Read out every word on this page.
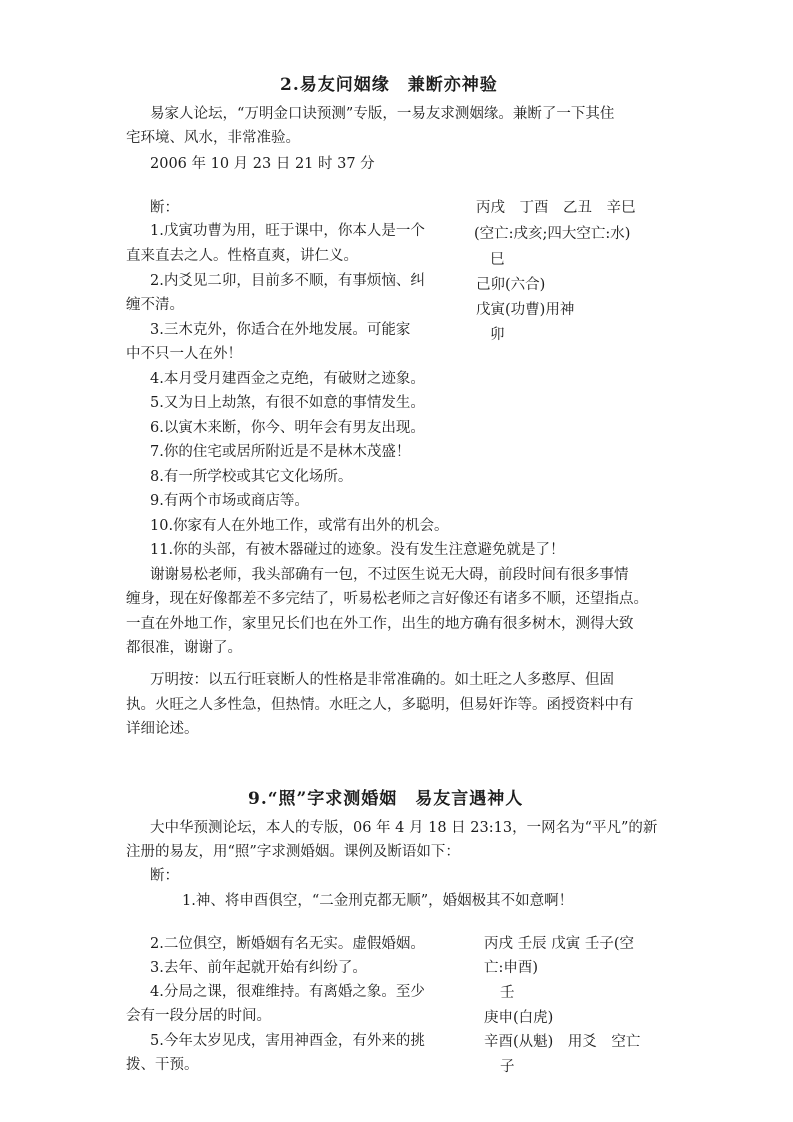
2.易友问姻缘　兼断亦神验
易家人论坛，“万明金口诀预测”专版，一易友求测姻缘。兼断了一下其住
宅环境、风水，非常准验。
2006 年 10 月 23 日 21 时 37 分
断：	丙戌　丁酉　乙丑　辛巳
(空亡:戌亥;四大空亡:水)
巳
己卯(六合)
戊寅(功曹)用神
卯
1.戊寅功曹为用，旺于课中，你本人是一个
直来直去之人。性格直爽，讲仁义。
2.内爻见二卯，目前多不顺，有事烦恼、纠
缠不清。
3.三木克外，你适合在外地发展。可能家
中不只一人在外！
4.本月受月建酉金之克绝，有破财之迹象。
5.又为日上劫煞，有很不如意的事情发生。
6.以寅木来断，你今、明年会有男友出现。
7.你的住宅或居所附近是不是林木茂盛！
8.有一所学校或其它文化场所。
9.有两个市场或商店等。
10.你家有人在外地工作，或常有出外的机会。
11.你的头部，有被木器碰过的迹象。没有发生注意避免就是了！
谢谢易松老师，我头部确有一包，不过医生说无大碍，前段时间有很多事情
缠身，现在好像都差不多完结了，听易松老师之言好像还有诸多不顺，还望指点。
一直在外地工作，家里兄长们也在外工作，出生的地方确有很多树木，测得大致
都很准，谢谢了。
万明按：以五行旺衰断人的性格是非常准确的。如土旺之人多憨厚、但固
执。火旺之人多性急，但热情。水旺之人，多聪明，但易奸诈等。函授资料中有
详细论述。
9.“照”字求测婚姻　易友言遇神人
大中华预测论坛，本人的专版，06 年 4 月 18 日 23:13，一网名为“平凡”的新
注册的易友，用“照”字求测婚姻。课例及断语如下：
断：
1.神、将申酉俱空，“二金刑克都无顺”，婚姻极其不如意啊！
2.二位俱空，断婚姻有名无实。虚假婚姻。
3.去年、前年起就开始有纠纷了。
4.分局之课，很难维持。有离婚之象。至少
会有一段分居的时间。
5.今年太岁见戌，害用神酉金，有外来的挑
拨、干预。
丙戌 壬辰 戊寅 壬子(空
亡:申酉)
壬
庚申(白虎)
辛酉(从魁)　用爻　空亡
子
